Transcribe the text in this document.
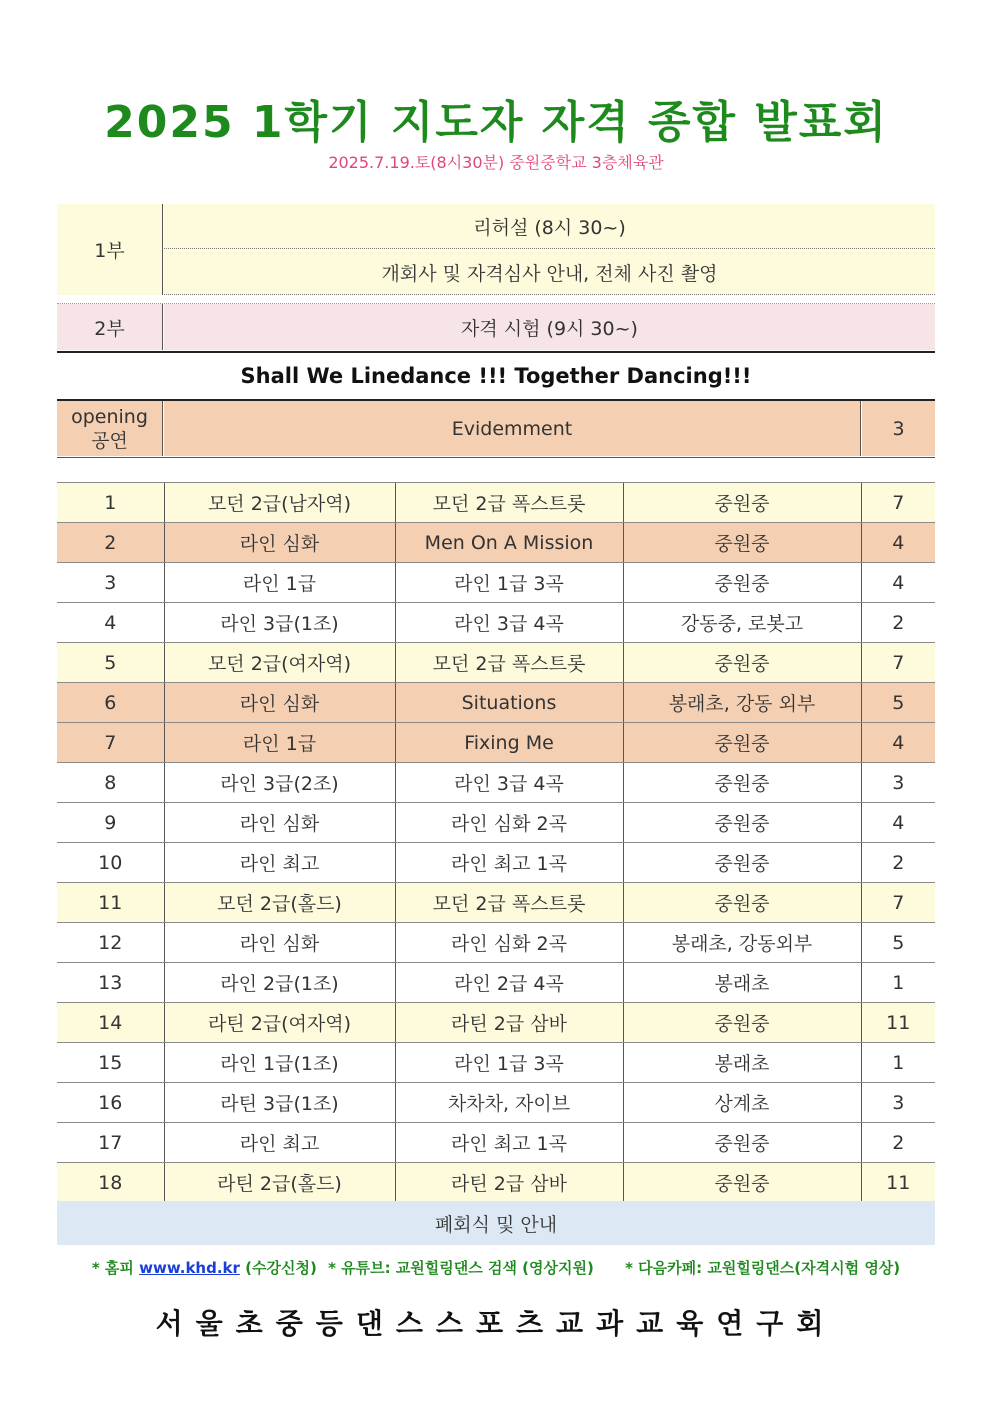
2025 1학기 지도자 자격 종합 발표회
2025.7.19.토(8시30분) 중원중학교 3층체육관
1부
리허설 (8시 30~)
개회사 및 자격심사 안내, 전체 사진 촬영
2부	자격 시험 (9시 30~)
Shall We Linedance !!! Together Dancing!!!
opening
공연
Evidemment	3
1	모던 2급(남자역)	모던 2급 폭스트롯	중원중	7
2	라인 심화	Men On A Mission	중원중	4
3	라인 1급	라인 1급 3곡	중원중	4
4	라인 3급(1조)	라인 3급 4곡	강동중, 로봇고	2
5	모던 2급(여자역)	모던 2급 폭스트롯	중원중	7
6	라인 심화	Situations	봉래초, 강동 외부	5
7	라인 1급	Fixing Me	중원중	4
8	라인 3급(2조)	라인 3급 4곡	중원중	3
9	라인 심화	라인 심화 2곡	중원중	4
10	라인 최고	라인 최고 1곡	중원중	2
11	모던 2급(홀드)	모던 2급 폭스트롯	중원중	7
12	라인 심화	라인 심화 2곡	봉래초, 강동외부	5
13	라인 2급(1조)	라인 2급 4곡	봉래초	1
14	라틴 2급(여자역)	라틴 2급 삼바	중원중	11
15	라인 1급(1조)	라인 1급 3곡	봉래초	1
16	라틴 3급(1조)	차차차, 자이브	상계초	3
17	라인 최고	라인 최고 1곡	중원중	2
18	라틴 2급(홀드)	라틴 2급 삼바	중원중	11
폐회식 및 안내
* 홈피 www.khd.kr (수강신청) * 유튜브: 교원힐링댄스 검색 (영상지원) * 다음카페: 교원힐링댄스(자격시험 영상)
서울초중등댄스스포츠교과교육연구회
